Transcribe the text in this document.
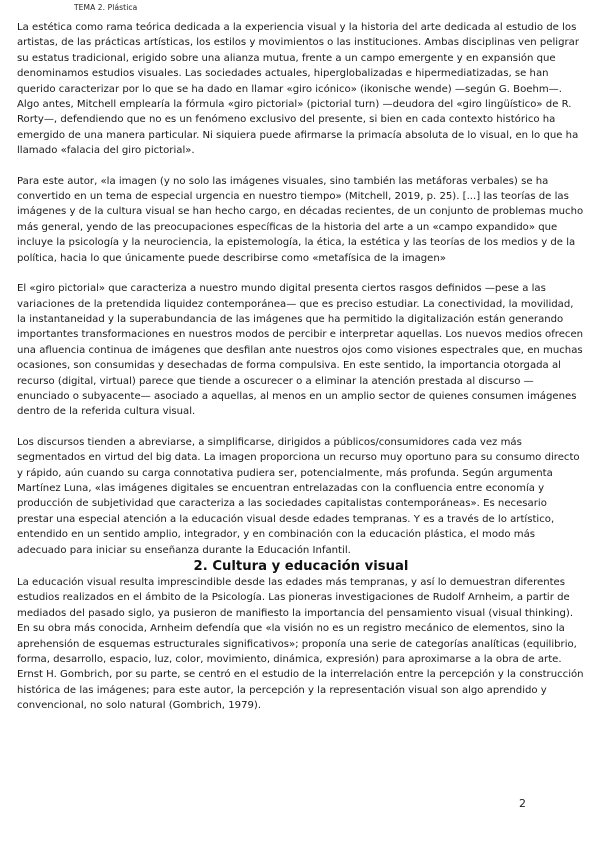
TEMA 2. Plástica

La estética como rama teórica dedicada a la experiencia visual y la historia del arte dedicada al estudio de los artistas, de las prácticas artísticas, los estilos y movimientos o las instituciones. Ambas disciplinas ven peligrar su estatus tradicional, erigido sobre una alianza mutua, frente a un campo emergente y en expansión que denominamos estudios visuales. Las sociedades actuales, hiperglobalizadas e hipermediatizadas, se han querido caracterizar por lo que se ha dado en llamar «giro icónico» (ikonische wende) —según G. Boehm—. Algo antes, Mitchell emplearía la fórmula «giro pictorial» (pictorial turn) —deudora del «giro lingüístico» de R. Rorty—, defendiendo que no es un fenómeno exclusivo del presente, si bien en cada contexto histórico ha emergido de una manera particular. Ni siquiera puede afirmarse la primacía absoluta de lo visual, en lo que ha llamado «falacia del giro pictorial».

Para este autor, «la imagen (y no solo las imágenes visuales, sino también las metáforas verbales) se ha convertido en un tema de especial urgencia en nuestro tiempo» (Mitchell, 2019, p. 25). [...] las teorías de las imágenes y de la cultura visual se han hecho cargo, en décadas recientes, de un conjunto de problemas mucho más general, yendo de las preocupaciones específicas de la historia del arte a un «campo expandido» que incluye la psicología y la neurociencia, la epistemología, la ética, la estética y las teorías de los medios y de la política, hacia lo que únicamente puede describirse como «metafísica de la imagen»

El «giro pictorial» que caracteriza a nuestro mundo digital presenta ciertos rasgos definidos —pese a las variaciones de la pretendida liquidez contemporánea— que es preciso estudiar. La conectividad, la movilidad, la instantaneidad y la superabundancia de las imágenes que ha permitido la digitalización están generando importantes transformaciones en nuestros modos de percibir e interpretar aquellas. Los nuevos medios ofrecen una afluencia continua de imágenes que desfilan ante nuestros ojos como visiones espectrales que, en muchas ocasiones, son consumidas y desechadas de forma compulsiva. En este sentido, la importancia otorgada al recurso (digital, virtual) parece que tiende a oscurecer o a eliminar la atención prestada al discurso —enunciado o subyacente— asociado a aquellas, al menos en un amplio sector de quienes consumen imágenes dentro de la referida cultura visual.

Los discursos tienden a abreviarse, a simplificarse, dirigidos a públicos/consumidores cada vez más segmentados en virtud del big data. La imagen proporciona un recurso muy oportuno para su consumo directo y rápido, aún cuando su carga connotativa pudiera ser, potencialmente, más profunda. Según argumenta Martínez Luna, «las imágenes digitales se encuentran entrelazadas con la confluencia entre economía y producción de subjetividad que caracteriza a las sociedades capitalistas contemporáneas». Es necesario prestar una especial atención a la educación visual desde edades tempranas. Y es a través de lo artístico, entendido en un sentido amplio, integrador, y en combinación con la educación plástica, el modo más adecuado para iniciar su enseñanza durante la Educación Infantil.

2. Cultura y educación visual

La educación visual resulta imprescindible desde las edades más tempranas, y así lo demuestran diferentes estudios realizados en el ámbito de la Psicología. Las pioneras investigaciones de Rudolf Arnheim, a partir de mediados del pasado siglo, ya pusieron de manifiesto la importancia del pensamiento visual (visual thinking). En su obra más conocida, Arnheim defendía que «la visión no es un registro mecánico de elementos, sino la aprehensión de esquemas estructurales significativos»; proponía una serie de categorías analíticas (equilibrio, forma, desarrollo, espacio, luz, color, movimiento, dinámica, expresión) para aproximarse a la obra de arte. Ernst H. Gombrich, por su parte, se centró en el estudio de la interrelación entre la percepción y la construcción histórica de las imágenes; para este autor, la percepción y la representación visual son algo aprendido y convencional, no solo natural (Gombrich, 1979).

2
